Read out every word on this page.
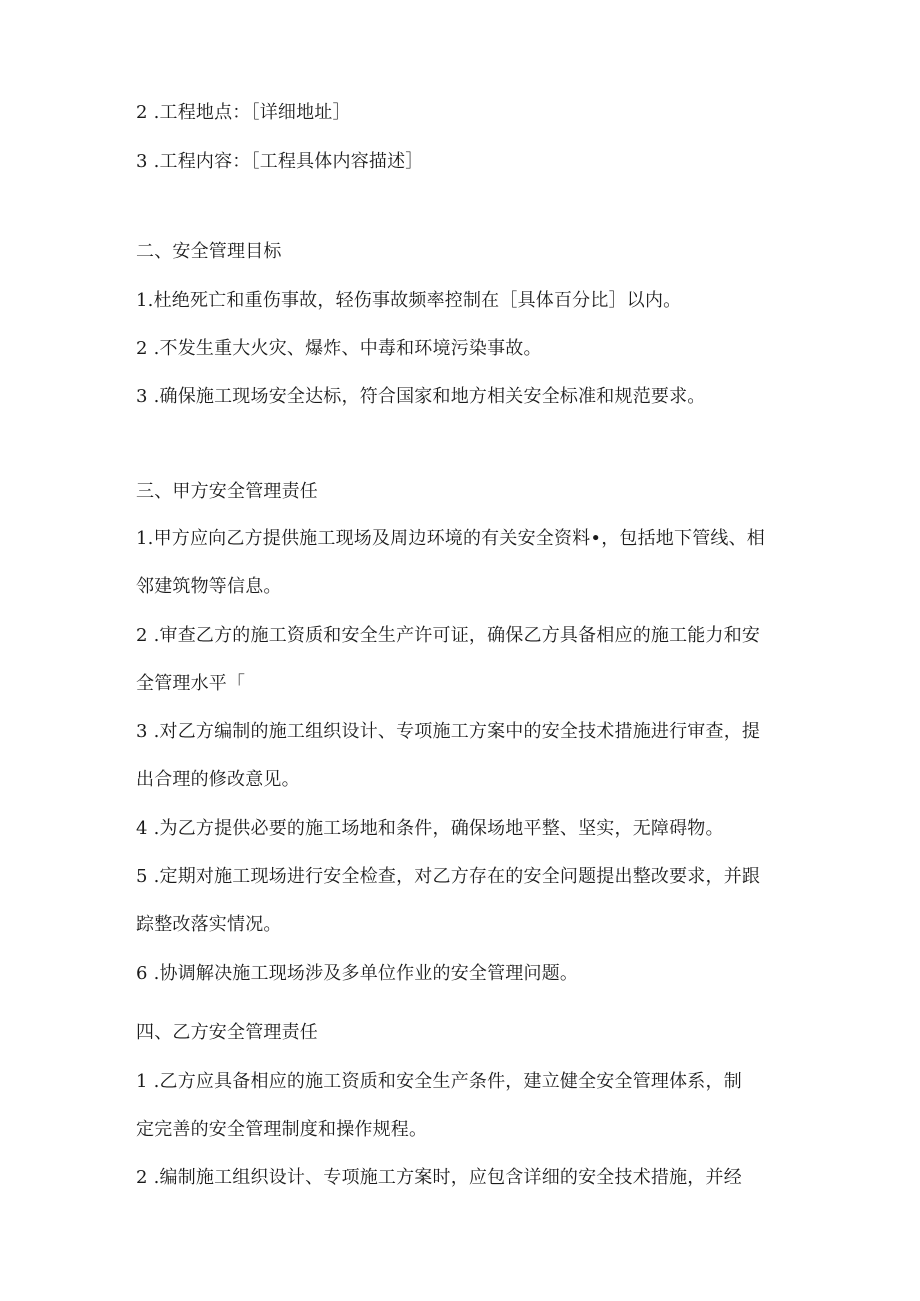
2 .工程地点：［详细地址］
3 .工程内容：［工程具体内容描述］
二、安全管理目标
1.杜绝死亡和重伤事故，轻伤事故频率控制在［具体百分比］以内。
2 .不发生重大火灾、爆炸、中毒和环境污染事故。
3 .确保施工现场安全达标，符合国家和地方相关安全标准和规范要求。
三、甲方安全管理责任
1.甲方应向乙方提供施工现场及周边环境的有关安全资料•，包括地下管线、相
邻建筑物等信息。
2 .审查乙方的施工资质和安全生产许可证，确保乙方具备相应的施工能力和安
全管理水平「
3 .对乙方编制的施工组织设计、专项施工方案中的安全技术措施进行审查，提
出合理的修改意见。
4 .为乙方提供必要的施工场地和条件，确保场地平整、坚实，无障碍物。
5 .定期对施工现场进行安全检查，对乙方存在的安全问题提出整改要求，并跟
踪整改落实情况。
6 .协调解决施工现场涉及多单位作业的安全管理问题。
四、乙方安全管理责任
1 .乙方应具备相应的施工资质和安全生产条件，建立健全安全管理体系，制
定完善的安全管理制度和操作规程。
2 .编制施工组织设计、专项施工方案时，应包含详细的安全技术措施，并经
